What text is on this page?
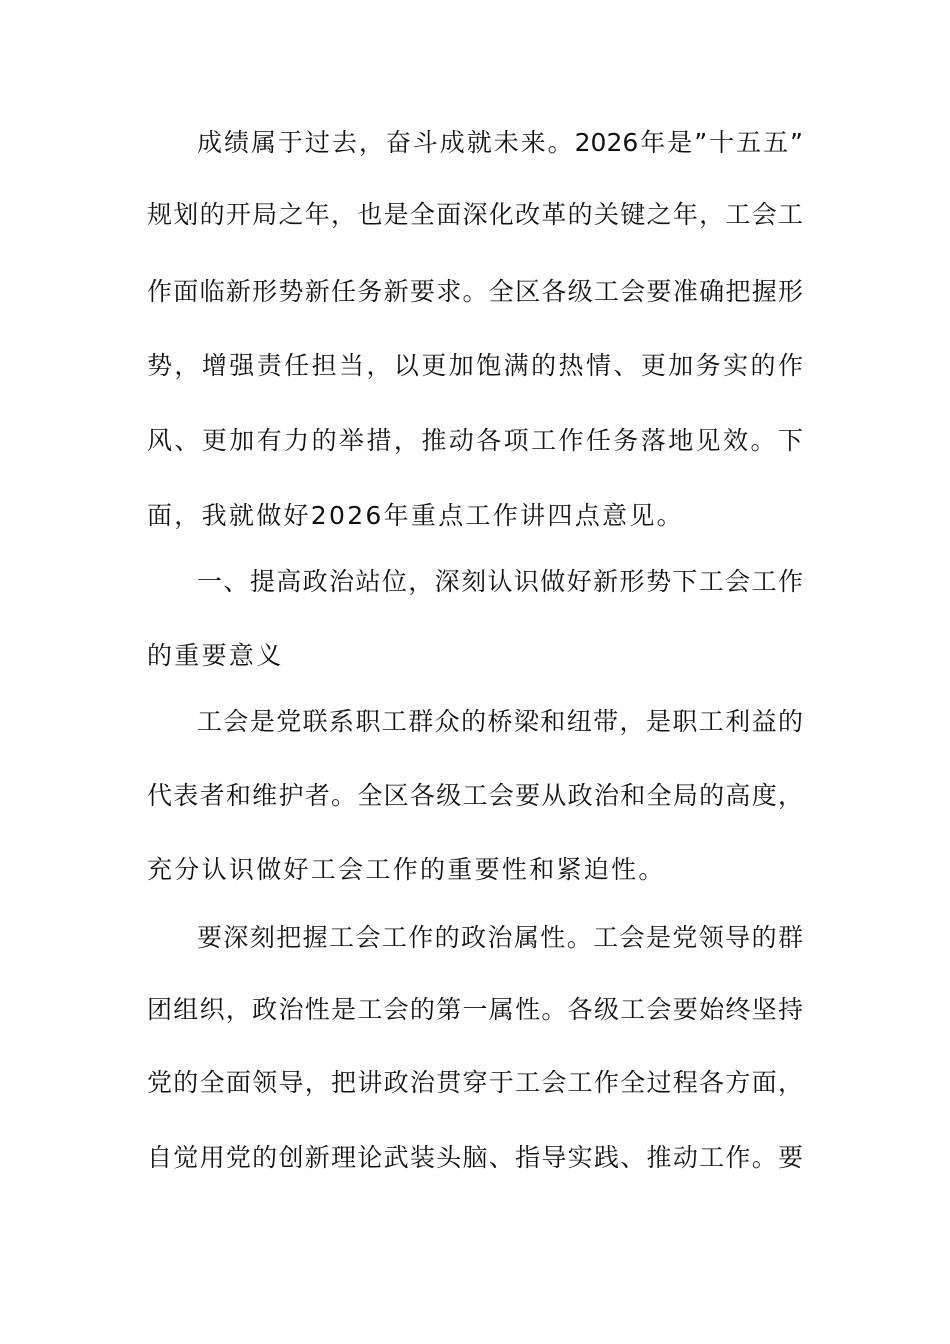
成绩属于过去，奋斗成就未来。2026年是”十五五”
规划的开局之年，也是全面深化改革的关键之年，工会工
作面临新形势新任务新要求。全区各级工会要准确把握形
势，增强责任担当，以更加饱满的热情、更加务实的作
风、更加有力的举措，推动各项工作任务落地见效。下
面，我就做好2026年重点工作讲四点意见。
一、提高政治站位，深刻认识做好新形势下工会工作
的重要意义
工会是党联系职工群众的桥梁和纽带，是职工利益的
代表者和维护者。全区各级工会要从政治和全局的高度，
充分认识做好工会工作的重要性和紧迫性。
要深刻把握工会工作的政治属性。工会是党领导的群
团组织，政治性是工会的第一属性。各级工会要始终坚持
党的全面领导，把讲政治贯穿于工会工作全过程各方面，
自觉用党的创新理论武装头脑、指导实践、推动工作。要
